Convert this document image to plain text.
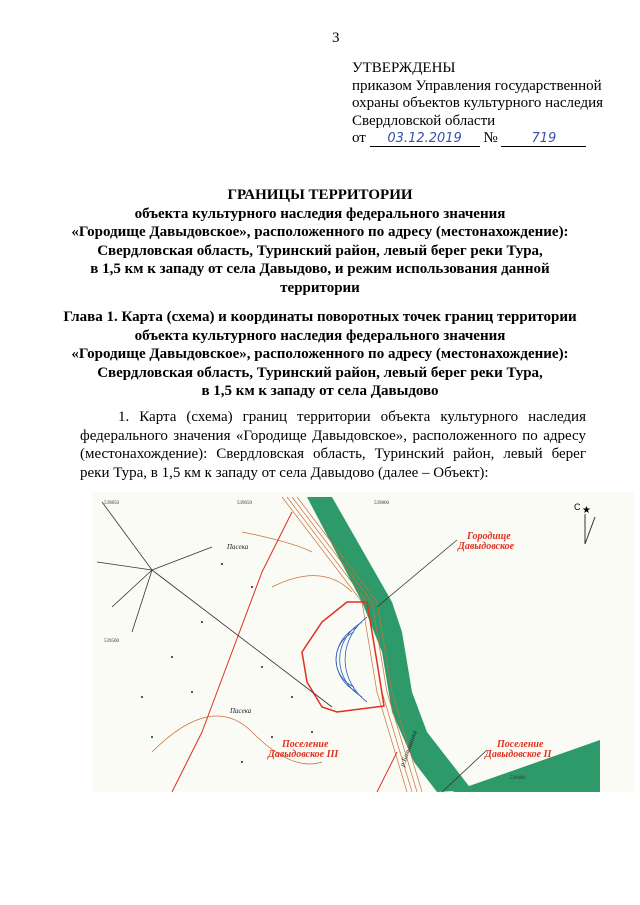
3
УТВЕРЖДЕНЫ
приказом Управления государственной
охраны объектов культурного наследия
Свердловской области
от 03.12.2019 №	719
ГРАНИЦЫ ТЕРРИТОРИИ
объекта культурного наследия федерального значения
«Городище Давыдовское», расположенного по адресу (местонахождение):
Свердловская область, Туринский район, левый берег реки Тура,
в 1,5 км к западу от села Давыдово, и режим использования данной
территории
Глава 1. Карта (схема) и координаты поворотных точек границ территории
объекта культурного наследия федерального значения
«Городище Давыдовское», расположенного по адресу (местонахождение):
Свердловская область, Туринский район, левый берег реки Тура,
в 1,5 км к западу от села Давыдово
1. Карта (схема) границ территории объекта культурного наследия федерального значения «Городище Давыдовское», расположенного по адресу (местонахождение): Свердловская область, Туринский район, левый берег реки Тура, в 1,5 км к западу от села Давыдово (далее – Объект):
Городище Давыдовское
Поселение Давыдовское III
Поселение Давыдовское II
Пасека
Пасека
р.Большинка
539850	539650	539800
539500
539400
С ★
